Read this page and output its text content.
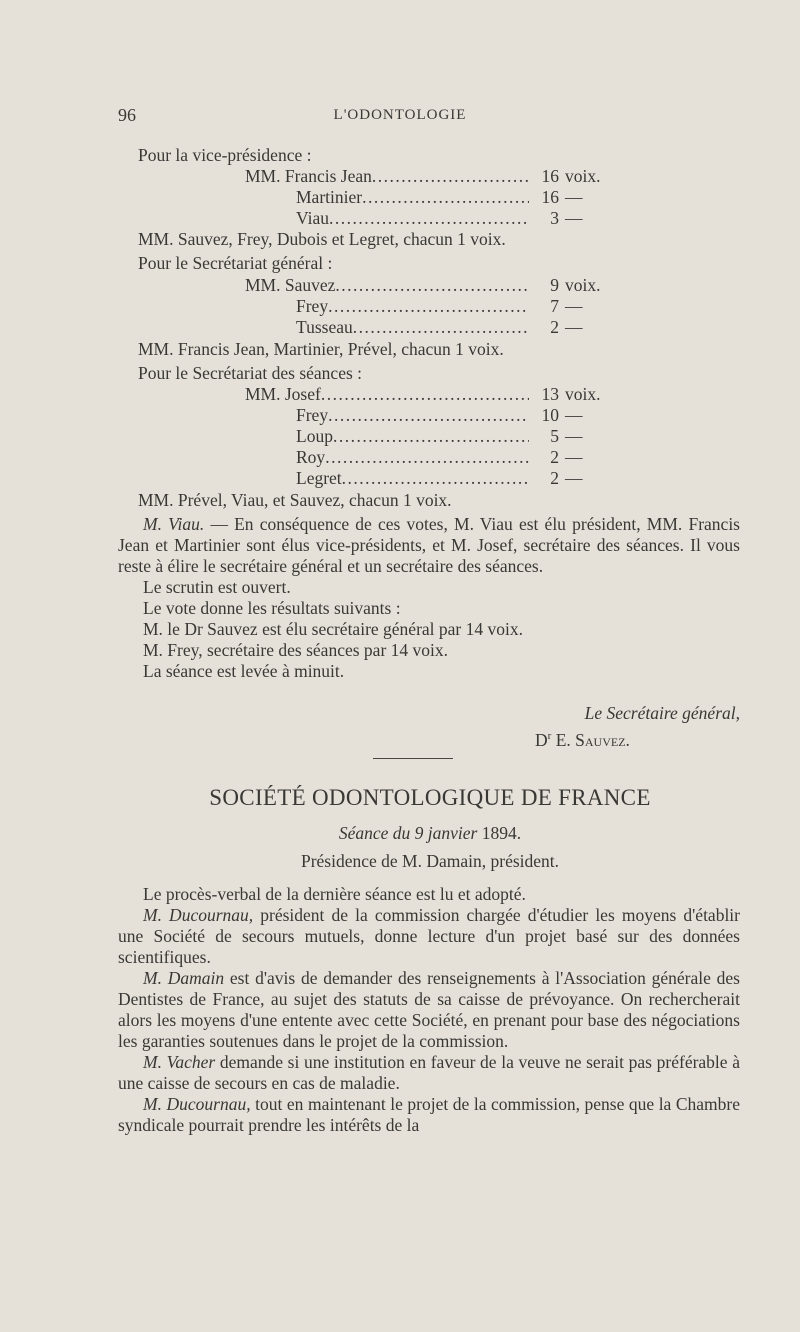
96	L'ODONTOLOGIE
Pour la vice-présidence :
MM. Francis Jean .....	16 voix.
Martinier .....	16 —
Viau .....	3 —
MM. Sauvez, Frey, Dubois et Legret, chacun 1 voix.
Pour le Secrétariat général :
MM. Sauvez .....	9 voix.
Frey .....	7 —
Tusseau .....	2 —
MM. Francis Jean, Martinier, Prével, chacun 1 voix.
Pour le Secrétariat des séances :
MM. Josef .....	13 voix.
Frey .....	10 —
Loup .....	5 —
Roy .....	2 —
Legret .....	2 —
MM. Prével, Viau, et Sauvez, chacun 1 voix.

M. Viau. — En conséquence de ces votes, M. Viau est élu président, MM. Francis Jean et Martinier sont élus vice-présidents, et M. Josef, secrétaire des séances. Il vous reste à élire le secrétaire général et un secrétaire des séances.

Le scrutin est ouvert.

Le vote donne les résultats suivants :

M. le Dr Sauvez est élu secrétaire général par 14 voix.

M. Frey, secrétaire des séances par 14 voix.

La séance est levée à minuit.

Le Secrétaire général,
$D^r$ E. Sauvez.
SOCIÉTÉ ODONTOLOGIQUE DE FRANCE
Séance du 9 janvier 1894.
Présidence de M. Damain, président.

Le procès-verbal de la dernière séance est lu et adopté.

M. Ducournau, président de la commission chargée d'étudier les moyens d'établir une Société de secours mutuels, donne lecture d'un projet basé sur des données scientifiques.

M. Damain est d'avis de demander des renseignements à l'Association générale des Dentistes de France, au sujet des statuts de sa caisse de prévoyance. On rechercherait alors les moyens d'une entente avec cette Société, en prenant pour base des négociations les garanties soutenues dans le projet de la commission.

M. Vacher demande si une institution en faveur de la veuve ne serait pas préférable à une caisse de secours en cas de maladie.

M. Ducournau, tout en maintenant le projet de la commission, pense que la Chambre syndicale pourrait prendre les intérêts de la
